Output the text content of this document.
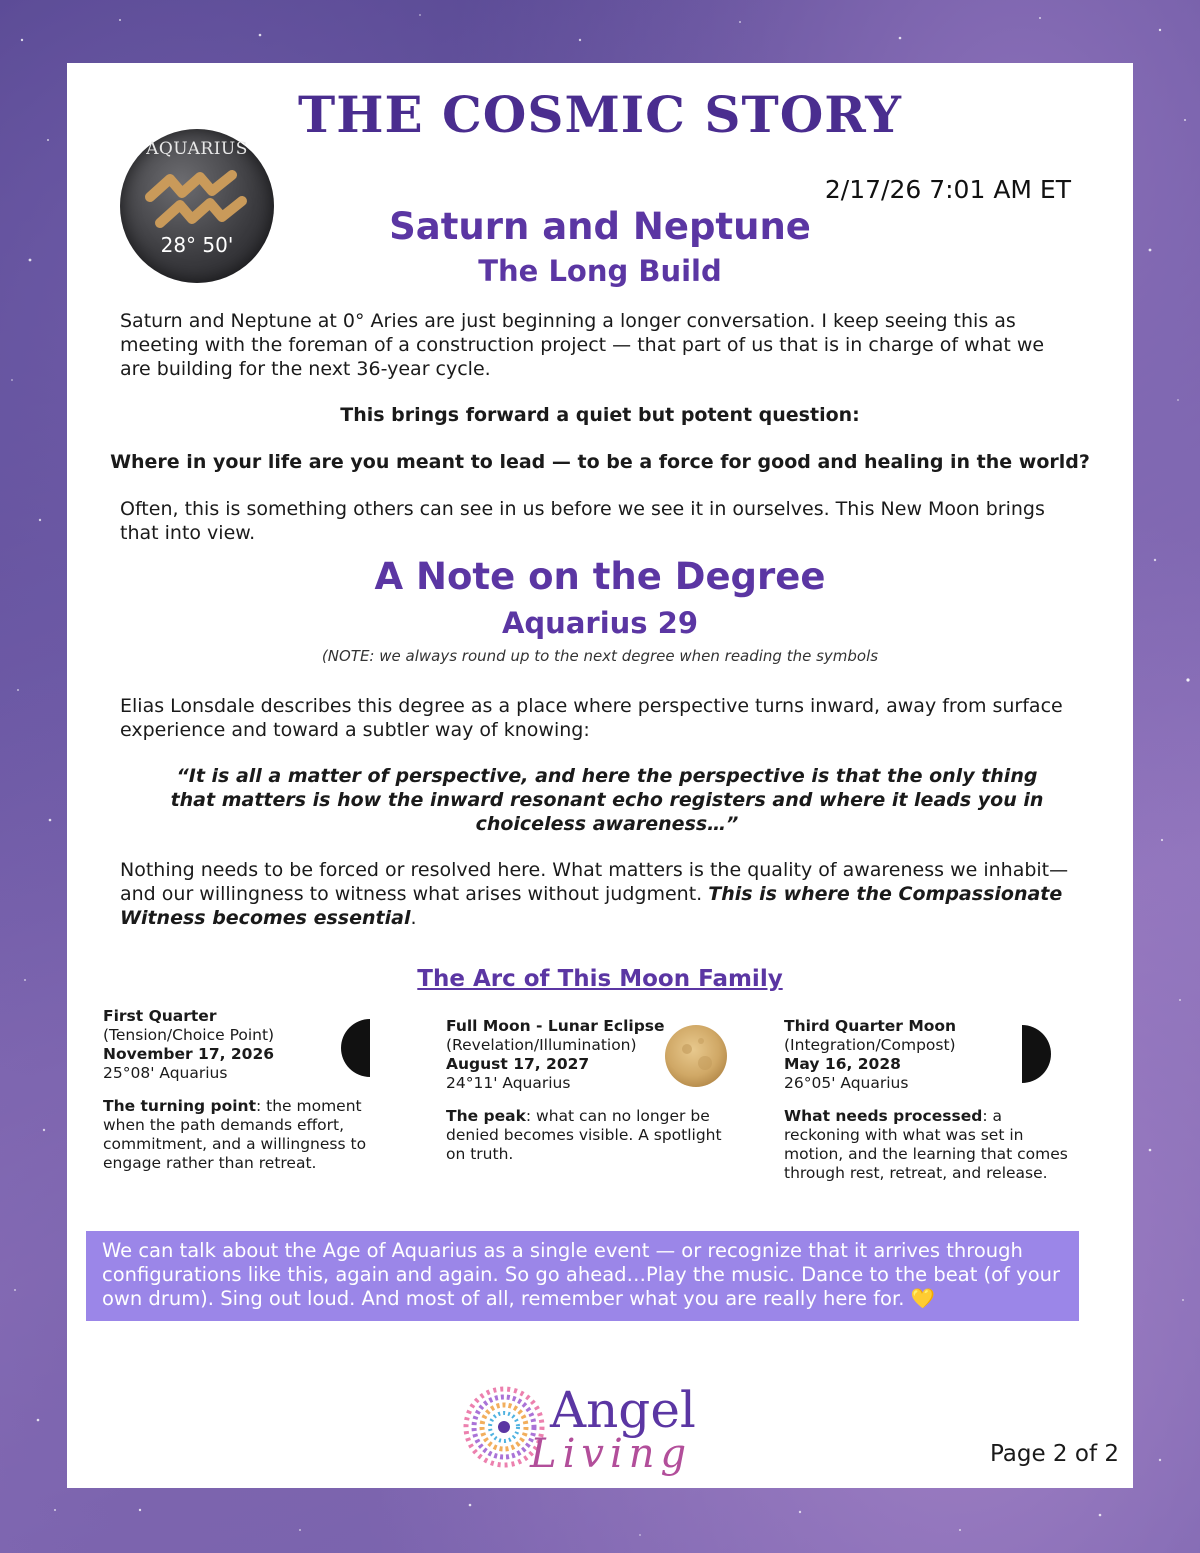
THE COSMIC STORY
AQUARIUS
28° 50'
2/17/26 7:01 AM ET
Saturn and Neptune
The Long Build
Saturn and Neptune at 0° Aries are just beginning a longer conversation. I keep seeing this as meeting with the foreman of a construction project — that part of us that is in charge of what we are building for the next 36-year cycle.
This brings forward a quiet but potent question:
Where in your life are you meant to lead — to be a force for good and healing in the world?
Often, this is something others can see in us before we see it in ourselves. This New Moon brings that into view.
A Note on the Degree
Aquarius 29
(NOTE: we always round up to the next degree when reading the symbols
Elias Lonsdale describes this degree as a place where perspective turns inward, away from surface experience and toward a subtler way of knowing:
“It is all a matter of perspective, and here the perspective is that the only thing that matters is how the inward resonant echo registers and where it leads you in choiceless awareness…”
Nothing needs to be forced or resolved here. What matters is the quality of awareness we inhabit— and our willingness to witness what arises without judgment. This is where the Compassionate Witness becomes essential.
The Arc of This Moon Family

First Quarter

(Tension/Choice Point)

November 17, 2026

25°08' Aquarius

The turning point: the moment when the path demands effort, commitment, and a willingness to engage rather than retreat.

Full Moon - Lunar Eclipse

(Revelation/Illumination)

August 17, 2027

24°11' Aquarius

The peak: what can no longer be denied becomes visible. A spotlight on truth.

Third Quarter Moon

(Integration/Compost)

May 16, 2028

26°05' Aquarius

What needs processed: a reckoning with what was set in motion, and the learning that comes through rest, retreat, and release.

We can talk about the Age of Aquarius as a single event — or recognize that it arrives through configurations like this, again and again. So go ahead…Play the music. Dance to the beat (of your own drum). Sing out loud. And most of all, remember what you are really here for. 💛
Angel
Living	Page 2 of 2
